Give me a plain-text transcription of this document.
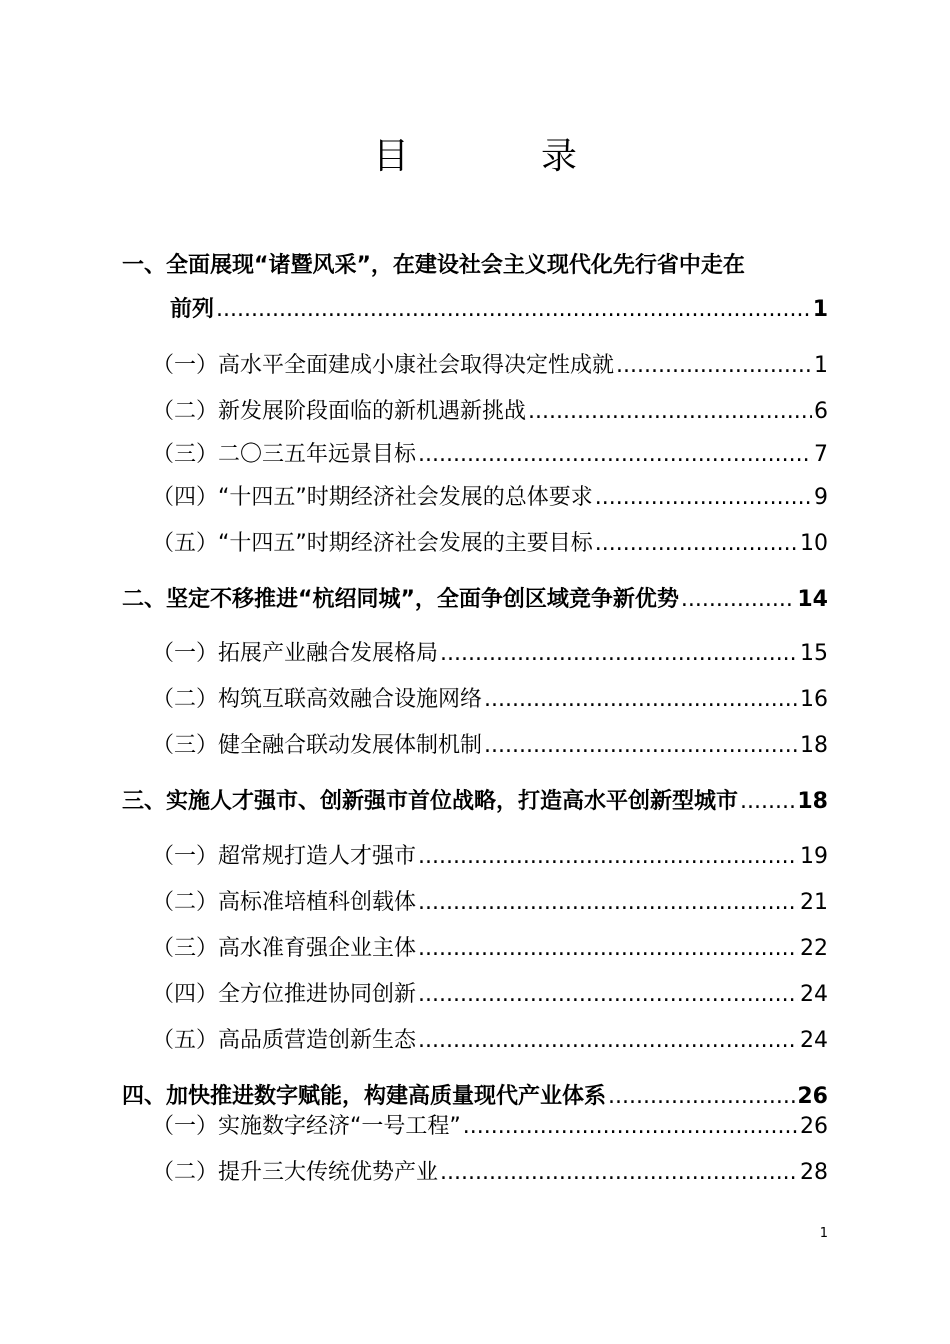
目　录
一、全面展现“诸暨风采”，在建设社会主义现代化先行省中走在
前列 .....	1
（一）高水平全面建成小康社会取得决定性成就 .....	1
（二）新发展阶段面临的新机遇新挑战 .....	6
（三）二〇三五年远景目标 .....	7
（四）“十四五”时期经济社会发展的总体要求 .....	9
（五）“十四五”时期经济社会发展的主要目标 .....	10
二、坚定不移推进“杭绍同城”，全面争创区域竞争新优势 .....	14
（一）拓展产业融合发展格局 .....	15
（二）构筑互联高效融合设施网络 .....	16
（三）健全融合联动发展体制机制 .....	18
三、实施人才强市、创新强市首位战略，打造高水平创新型城市 .....	18
（一）超常规打造人才强市 .....	19
（二）高标准培植科创载体 .....	21
（三）高水准育强企业主体 .....	22
（四）全方位推进协同创新 .....	24
（五）高品质营造创新生态 .....	24
四、加快推进数字赋能，构建高质量现代产业体系 .....	26
（一）实施数字经济“一号工程” .....	26
（二）提升三大传统优势产业 .....	28
1
